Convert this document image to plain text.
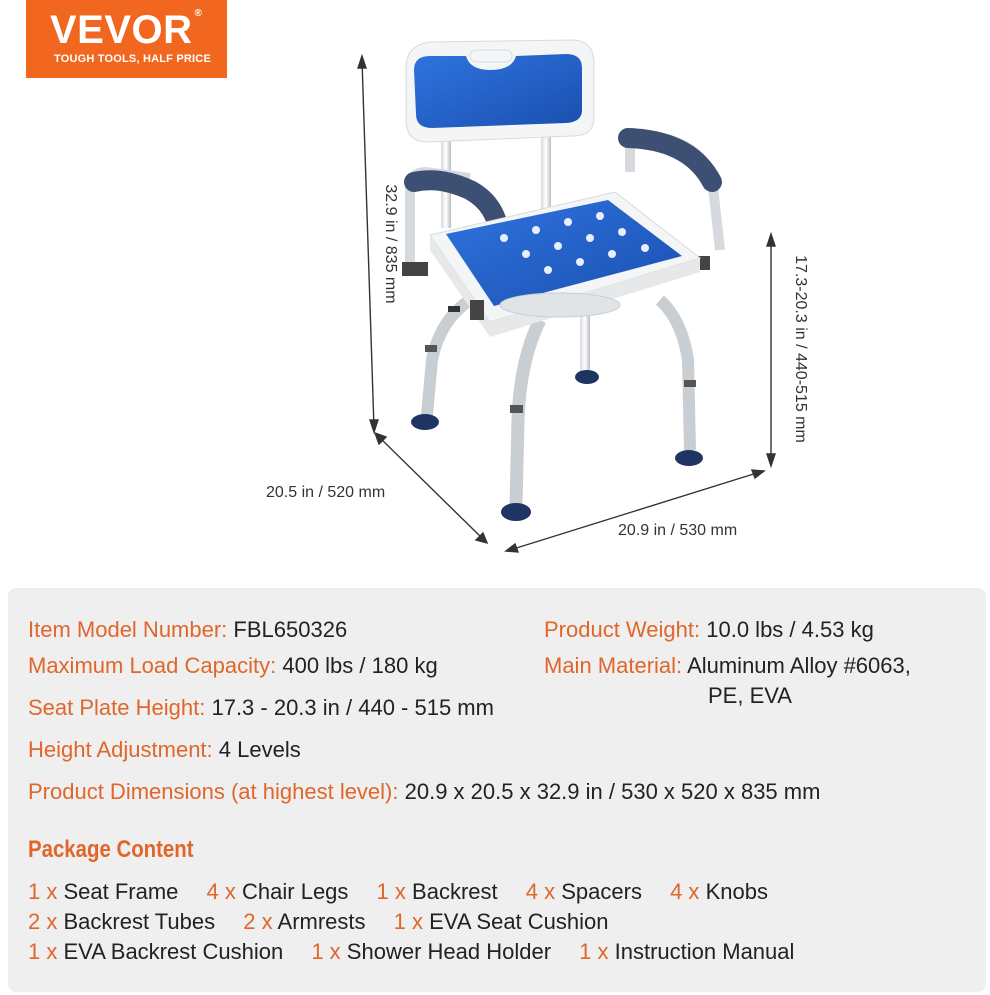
VEVOR ®
TOUGH TOOLS, HALF PRICE
32.9 in / 835 mm
17.3-20.3 in / 440-515 mm
20.5 in / 520 mm
20.9 in / 530 mm
Item Model Number: FBL650326
Maximum Load Capacity: 400 lbs / 180 kg
Seat Plate Height: 17.3 - 20.3 in / 440 - 515 mm
Height Adjustment: 4 Levels
Product Dimensions (at highest level): 20.9 x 20.5 x 32.9 in / 530 x 520 x 835 mm
Product Weight: 10.0 lbs / 4.53 kg
Main Material: Aluminum Alloy #6063,
PE, EVA
Package Content
1 x Seat Frame 4 x Chair Legs 1 x Backrest 4 x Spacers 4 x Knobs
2 x Backrest Tubes 2 x Armrests 1 x EVA Seat Cushion
1 x EVA Backrest Cushion 1 x Shower Head Holder 1 x Instruction Manual
